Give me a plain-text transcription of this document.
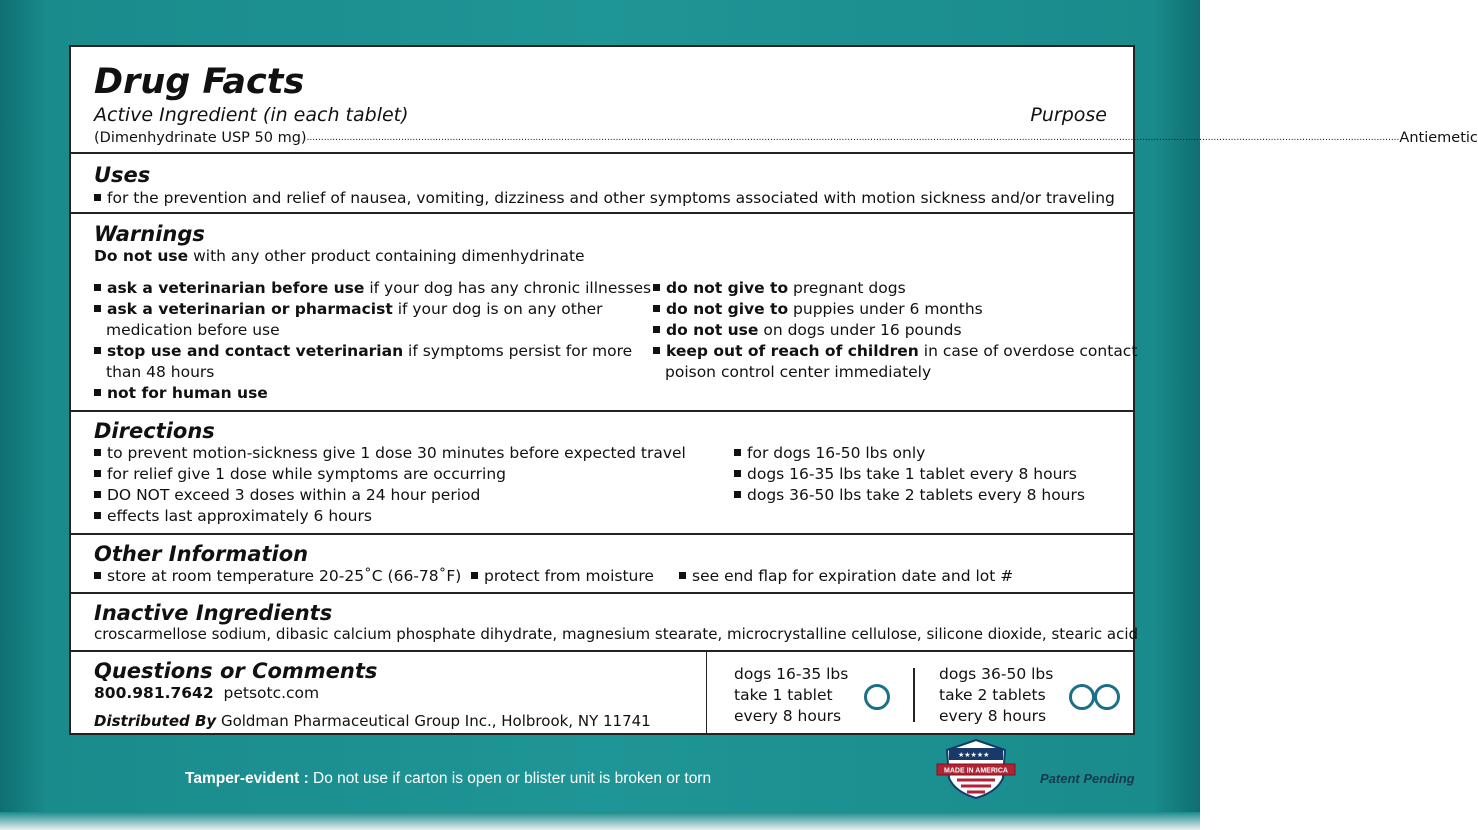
Drug Facts
Active Ingredient (in each tablet)	Purpose
(Dimenhydrinate USP 50 mg) .............................................................................................................................................................................................................................................................................................................................................................................................. Antiemetic
Uses
for the prevention and relief of nausea, vomiting, dizziness and other symptoms associated with motion sickness and/or traveling
Warnings
Do not use with any other product containing dimenhydrinate
ask a veterinarian before use if your dog has any chronic illnesses
ask a veterinarian or pharmacist if your dog is on any other
medication before use
stop use and contact veterinarian if symptoms persist for more
than 48 hours
not for human use
do not give to pregnant dogs
do not give to puppies under 6 months
do not use on dogs under 16 pounds
keep out of reach of children in case of overdose contact
poison control center immediately
Directions
to prevent motion-sickness give 1 dose 30 minutes before expected travel
for relief give 1 dose while symptoms are occurring
DO NOT exceed 3 doses within a 24 hour period
effects last approximately 6 hours
for dogs 16-50 lbs only
dogs 16-35 lbs take 1 tablet every 8 hours
dogs 36-50 lbs take 2 tablets every 8 hours
Other Information
store at room temperature 20-25˚C (66-78˚F)	protect from moisture	see end flap for expiration date and lot #
Inactive Ingredients
croscarmellose sodium, dibasic calcium phosphate dihydrate, magnesium stearate, microcrystalline cellulose, silicone dioxide, stearic acid
Questions or Comments
800.981.7642 petsotc.com
Distributed By Goldman Pharmaceutical Group Inc., Holbrook, NY 11741
dogs 16-35 lbs
take 1 tablet
every 8 hours
dogs 36-50 lbs
take 2 tablets
every 8 hours
Tamper-evident : Do not use if carton is open or blister unit is broken or torn
★★★★★
MADE IN AMERICA Patent Pending
